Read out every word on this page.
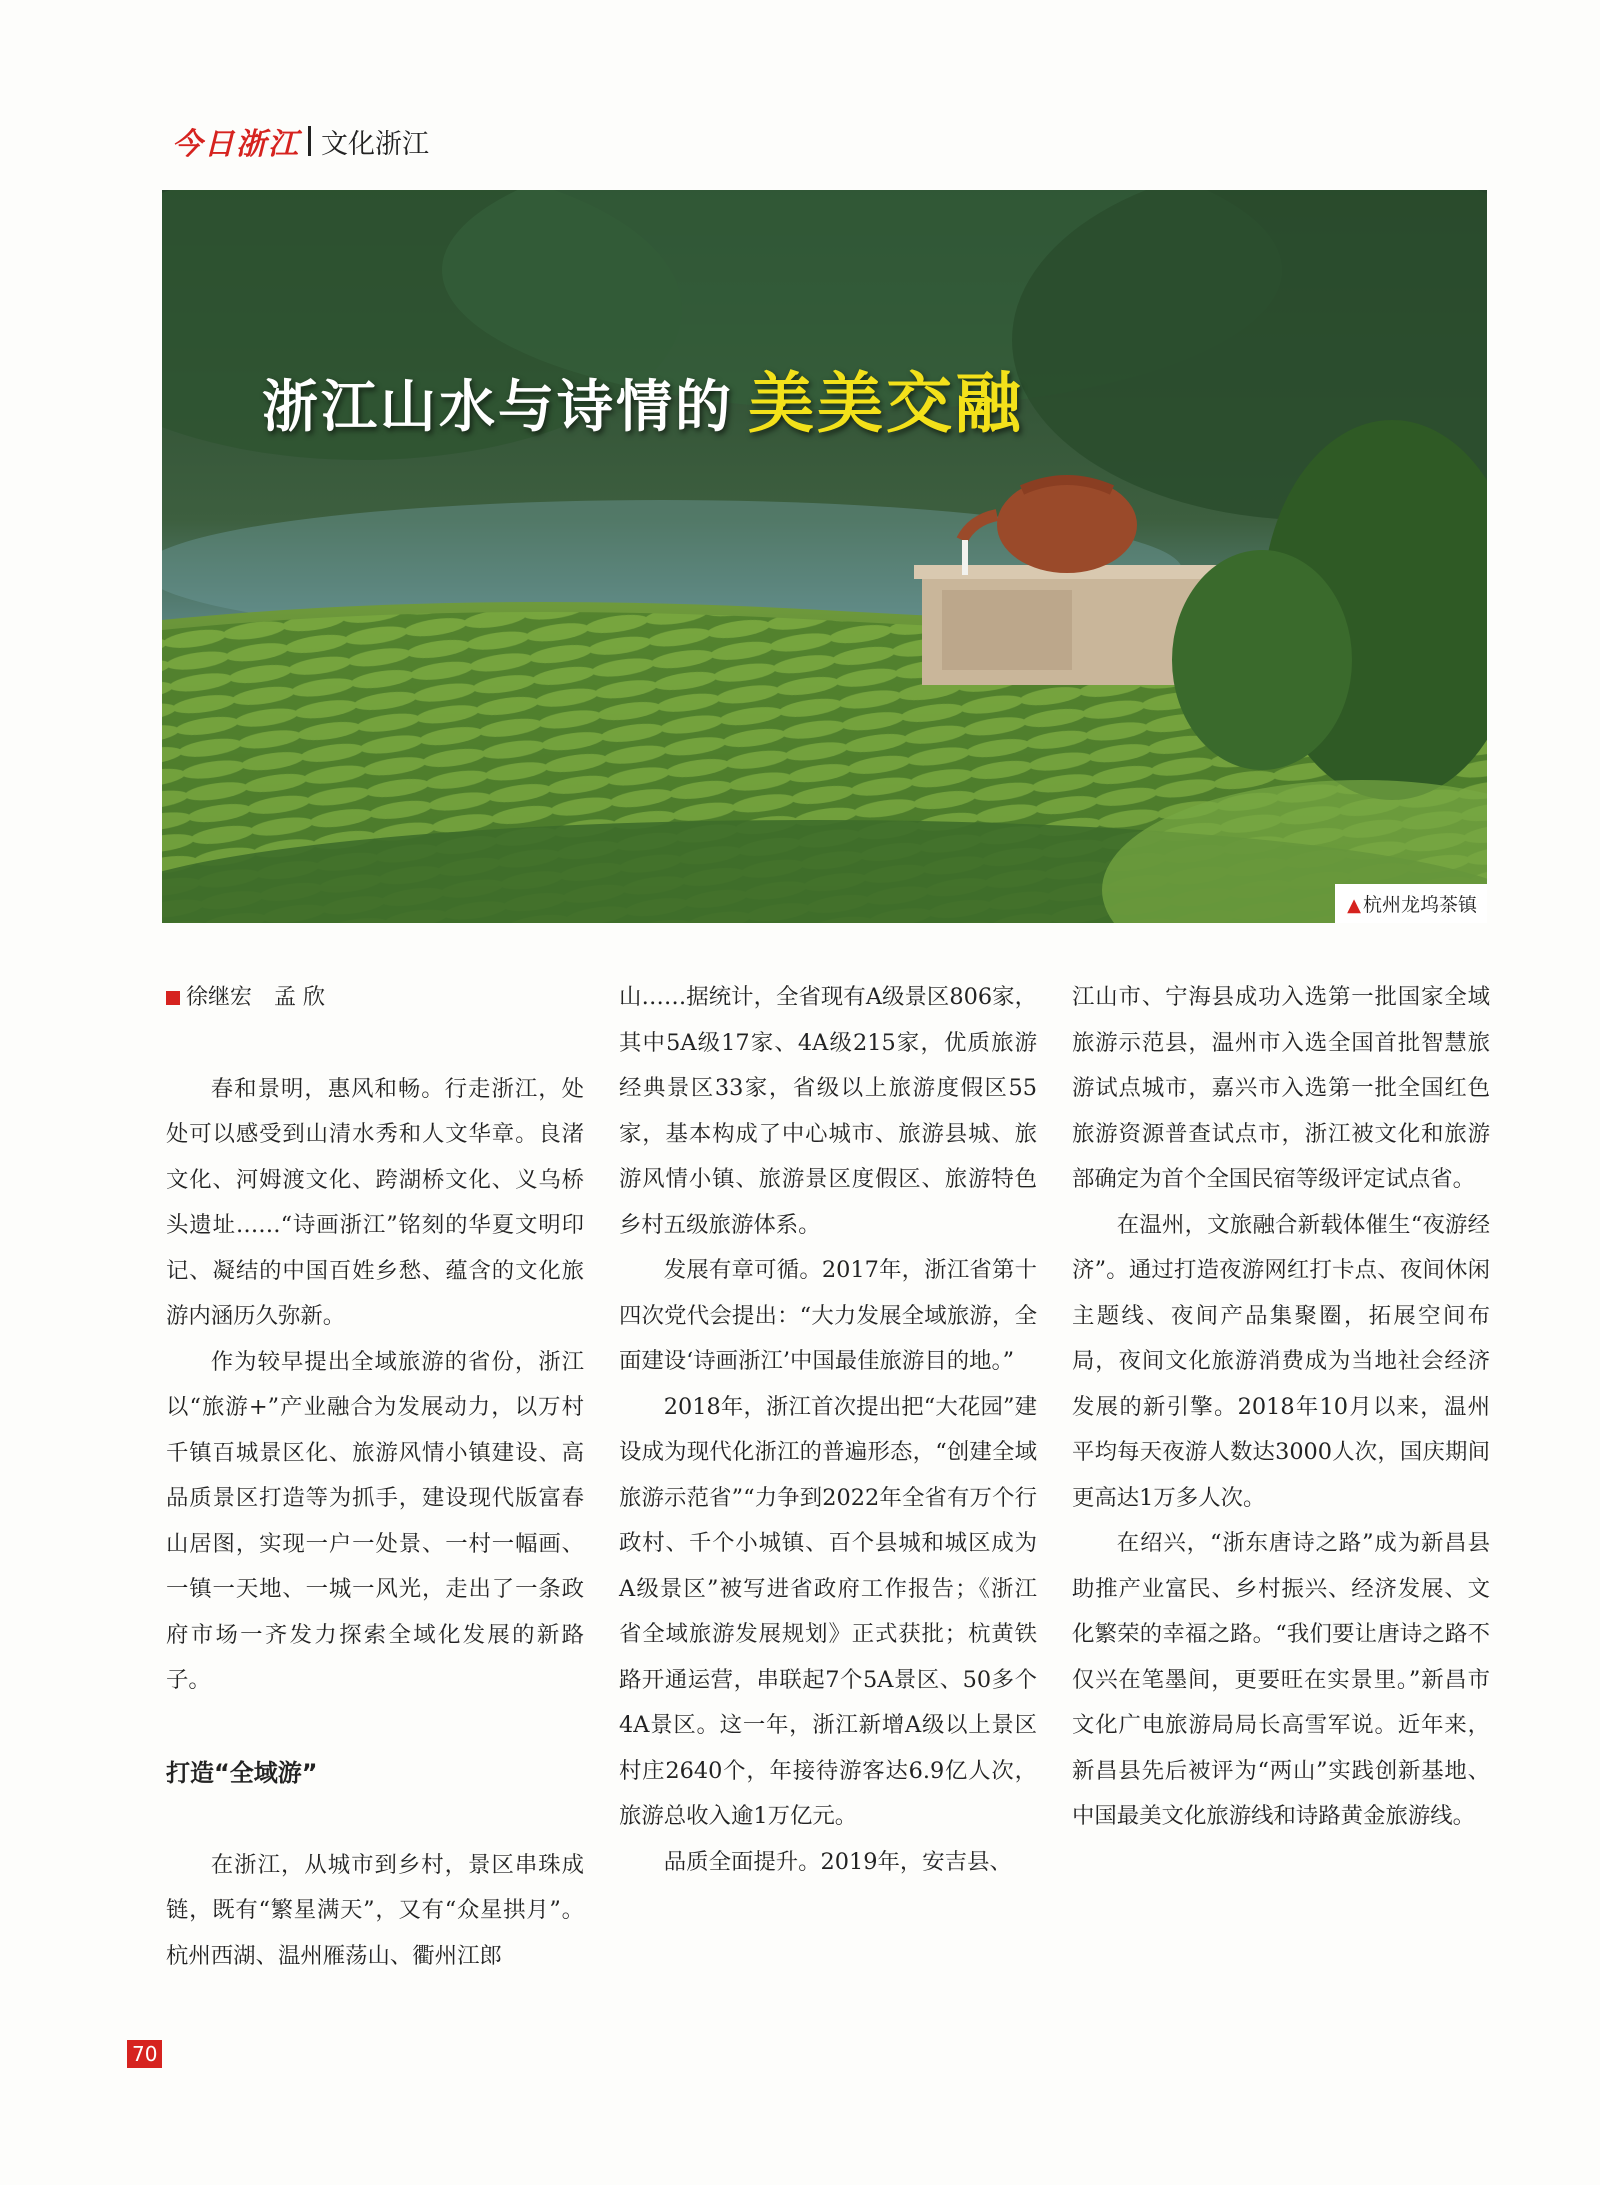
今日浙江 文化浙江
浙江山水与诗情的 美美交融
▲ 杭州龙坞茶镇
徐继宏　孟 欣

春和景明，惠风和畅。行走浙江，处处可以感受到山清水秀和人文华章。良渚文化、河姆渡文化、跨湖桥文化、义乌桥头遗址……“诗画浙江”铭刻的华夏文明印记、凝结的中国百姓乡愁、蕴含的文化旅游内涵历久弥新。

作为较早提出全域旅游的省份，浙江以“旅游+”产业融合为发展动力，以万村千镇百城景区化、旅游风情小镇建设、高品质景区打造等为抓手，建设现代版富春山居图，实现一户一处景、一村一幅画、一镇一天地、一城一风光，走出了一条政府市场一齐发力探索全域化发展的新路子。

打造“全域游”

在浙江，从城市到乡村，景区串珠成链，既有“繁星满天”，又有“众星拱月”。杭州西湖、温州雁荡山、衢州江郎

山……据统计，全省现有A级景区806家，其中5A级17家、4A级215家，优质旅游经典景区33家，省级以上旅游度假区55家，基本构成了中心城市、旅游县城、旅游风情小镇、旅游景区度假区、旅游特色乡村五级旅游体系。

发展有章可循。2017年，浙江省第十四次党代会提出：“大力发展全域旅游，全面建设‘诗画浙江’中国最佳旅游目的地。”

2018年，浙江首次提出把“大花园”建设成为现代化浙江的普遍形态，“创建全域旅游示范省”“力争到2022年全省有万个行政村、千个小城镇、百个县城和城区成为A级景区”被写进省政府工作报告；《浙江省全域旅游发展规划》正式获批；杭黄铁路开通运营，串联起7个5A景区、50多个4A景区。这一年，浙江新增A级以上景区村庄2640个，年接待游客达6.9亿人次，旅游总收入逾1万亿元。

品质全面提升。2019年，安吉县、

江山市、宁海县成功入选第一批国家全域旅游示范县，温州市入选全国首批智慧旅游试点城市，嘉兴市入选第一批全国红色旅游资源普查试点市，浙江被文化和旅游部确定为首个全国民宿等级评定试点省。

在温州，文旅融合新载体催生“夜游经济”。通过打造夜游网红打卡点、夜间休闲主题线、夜间产品集聚圈，拓展空间布局，夜间文化旅游消费成为当地社会经济发展的新引擎。2018年10月以来，温州平均每天夜游人数达3000人次，国庆期间更高达1万多人次。

在绍兴，“浙东唐诗之路”成为新昌县助推产业富民、乡村振兴、经济发展、文化繁荣的幸福之路。“我们要让唐诗之路不仅兴在笔墨间，更要旺在实景里。”新昌市文化广电旅游局局长高雪军说。近年来，新昌县先后被评为“两山”实践创新基地、中国最美文化旅游线和诗路黄金旅游线。

70
